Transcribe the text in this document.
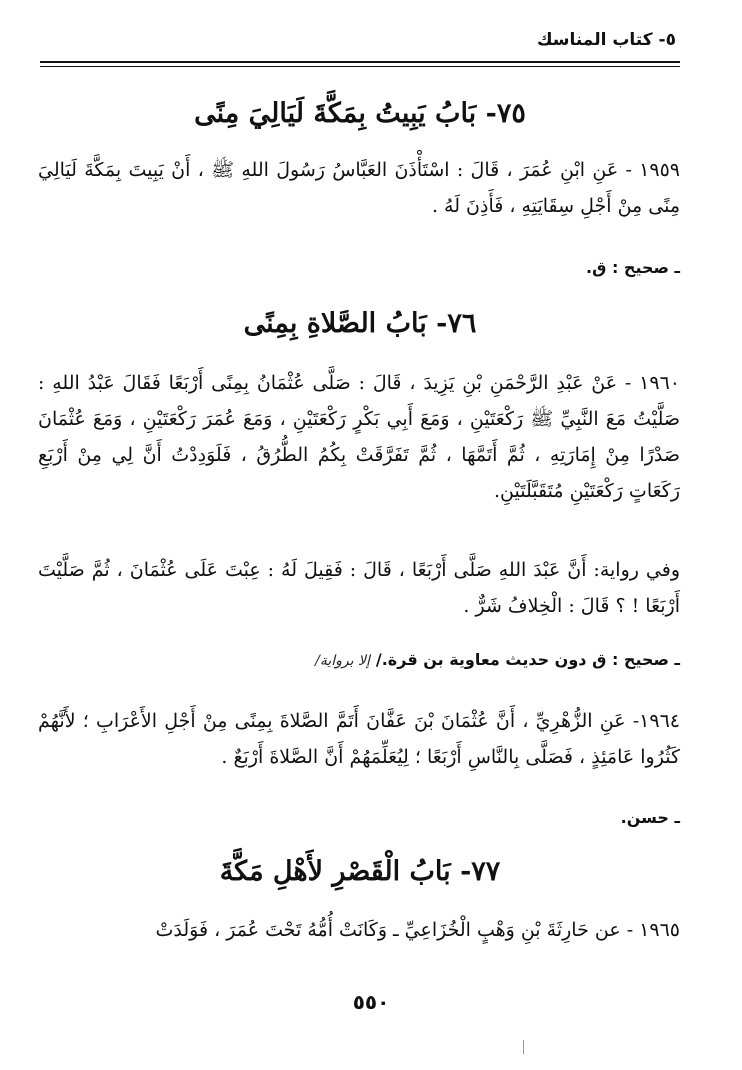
٥- كتاب المناسك
٧٥- بَابُ يَبِيتُ بِمَكَّةَ لَيَالِيَ مِنًى
١٩٥٩ - عَنِ ابْنِ عُمَرَ ، قَالَ : اسْتَأْذَنَ العَبَّاسُ رَسُولَ اللهِ ﷺ ، أَنْ يَبِيتَ بِمَكَّةَ لَيَالِيَ مِنًى مِنْ أَجْلِ سِقَايَتِهِ ، فَأَذِنَ لَهُ .
ـ صحيح : ق.
٧٦- بَابُ الصَّلاةِ بِمِنًى
١٩٦٠ - عَنْ عَبْدِ الرَّحْمَنِ بْنِ يَزِيدَ ، قَالَ : صَلَّى عُثْمَانُ بِمِنًى أَرْبَعًا فَقَالَ عَبْدُ اللهِ : صَلَّيْتُ مَعَ النَّبِيِّ ﷺ رَكْعَتَيْنِ ، وَمَعَ أَبِي بَكْرٍ رَكْعَتَيْنِ ، وَمَعَ عُمَرَ رَكْعَتَيْنِ ، وَمَعَ عُثْمَانَ صَدْرًا مِنْ إِمَارَتِهِ ، ثُمَّ أَتَمَّهَا ، ثُمَّ تَفَرَّقَتْ بِكُمُ الطُّرُقُ ، فَلَوَدِدْتُ أَنَّ لِي مِنْ أَرْبَعِ رَكَعَاتٍ رَكْعَتَيْنِ مُتَقَبَّلَتَيْنِ.
وفي رواية: أَنَّ عَبْدَ اللهِ صَلَّى أَرْبَعًا ، قَالَ : فَقِيلَ لَهُ : عِبْتَ عَلَى عُثْمَانَ ، ثُمَّ صَلَّيْتَ أَرْبَعًا ! ؟ قَالَ : الْخِلافُ شَرٌّ .
ـ صحيح : ق دون حديث معاوية بن قرة./إلا برواية/
١٩٦٤- عَنِ الزُّهْرِيِّ ، أَنَّ عُثْمَانَ بْنَ عَفَّانَ أَتَمَّ الصَّلاةَ بِمِنًى مِنْ أَجْلِ الأَعْرَابِ ؛ لأَنَّهُمْ كَثُرُوا عَامَئِذٍ ، فَصَلَّى بِالنَّاسِ أَرْبَعًا ؛ لِيُعَلِّمَهُمْ أَنَّ الصَّلاةَ أَرْبَعٌ .
ـ حسن.
٧٧- بَابُ الْقَصْرِ لأَهْلِ مَكَّةَ
١٩٦٥ - عن حَارِثَةَ بْنِ وَهْبٍ الْخُزَاعِيِّ ـ وَكَانَتْ أُمُّهُ تَحْتَ عُمَرَ ، فَوَلَدَتْ
٥٥٠
